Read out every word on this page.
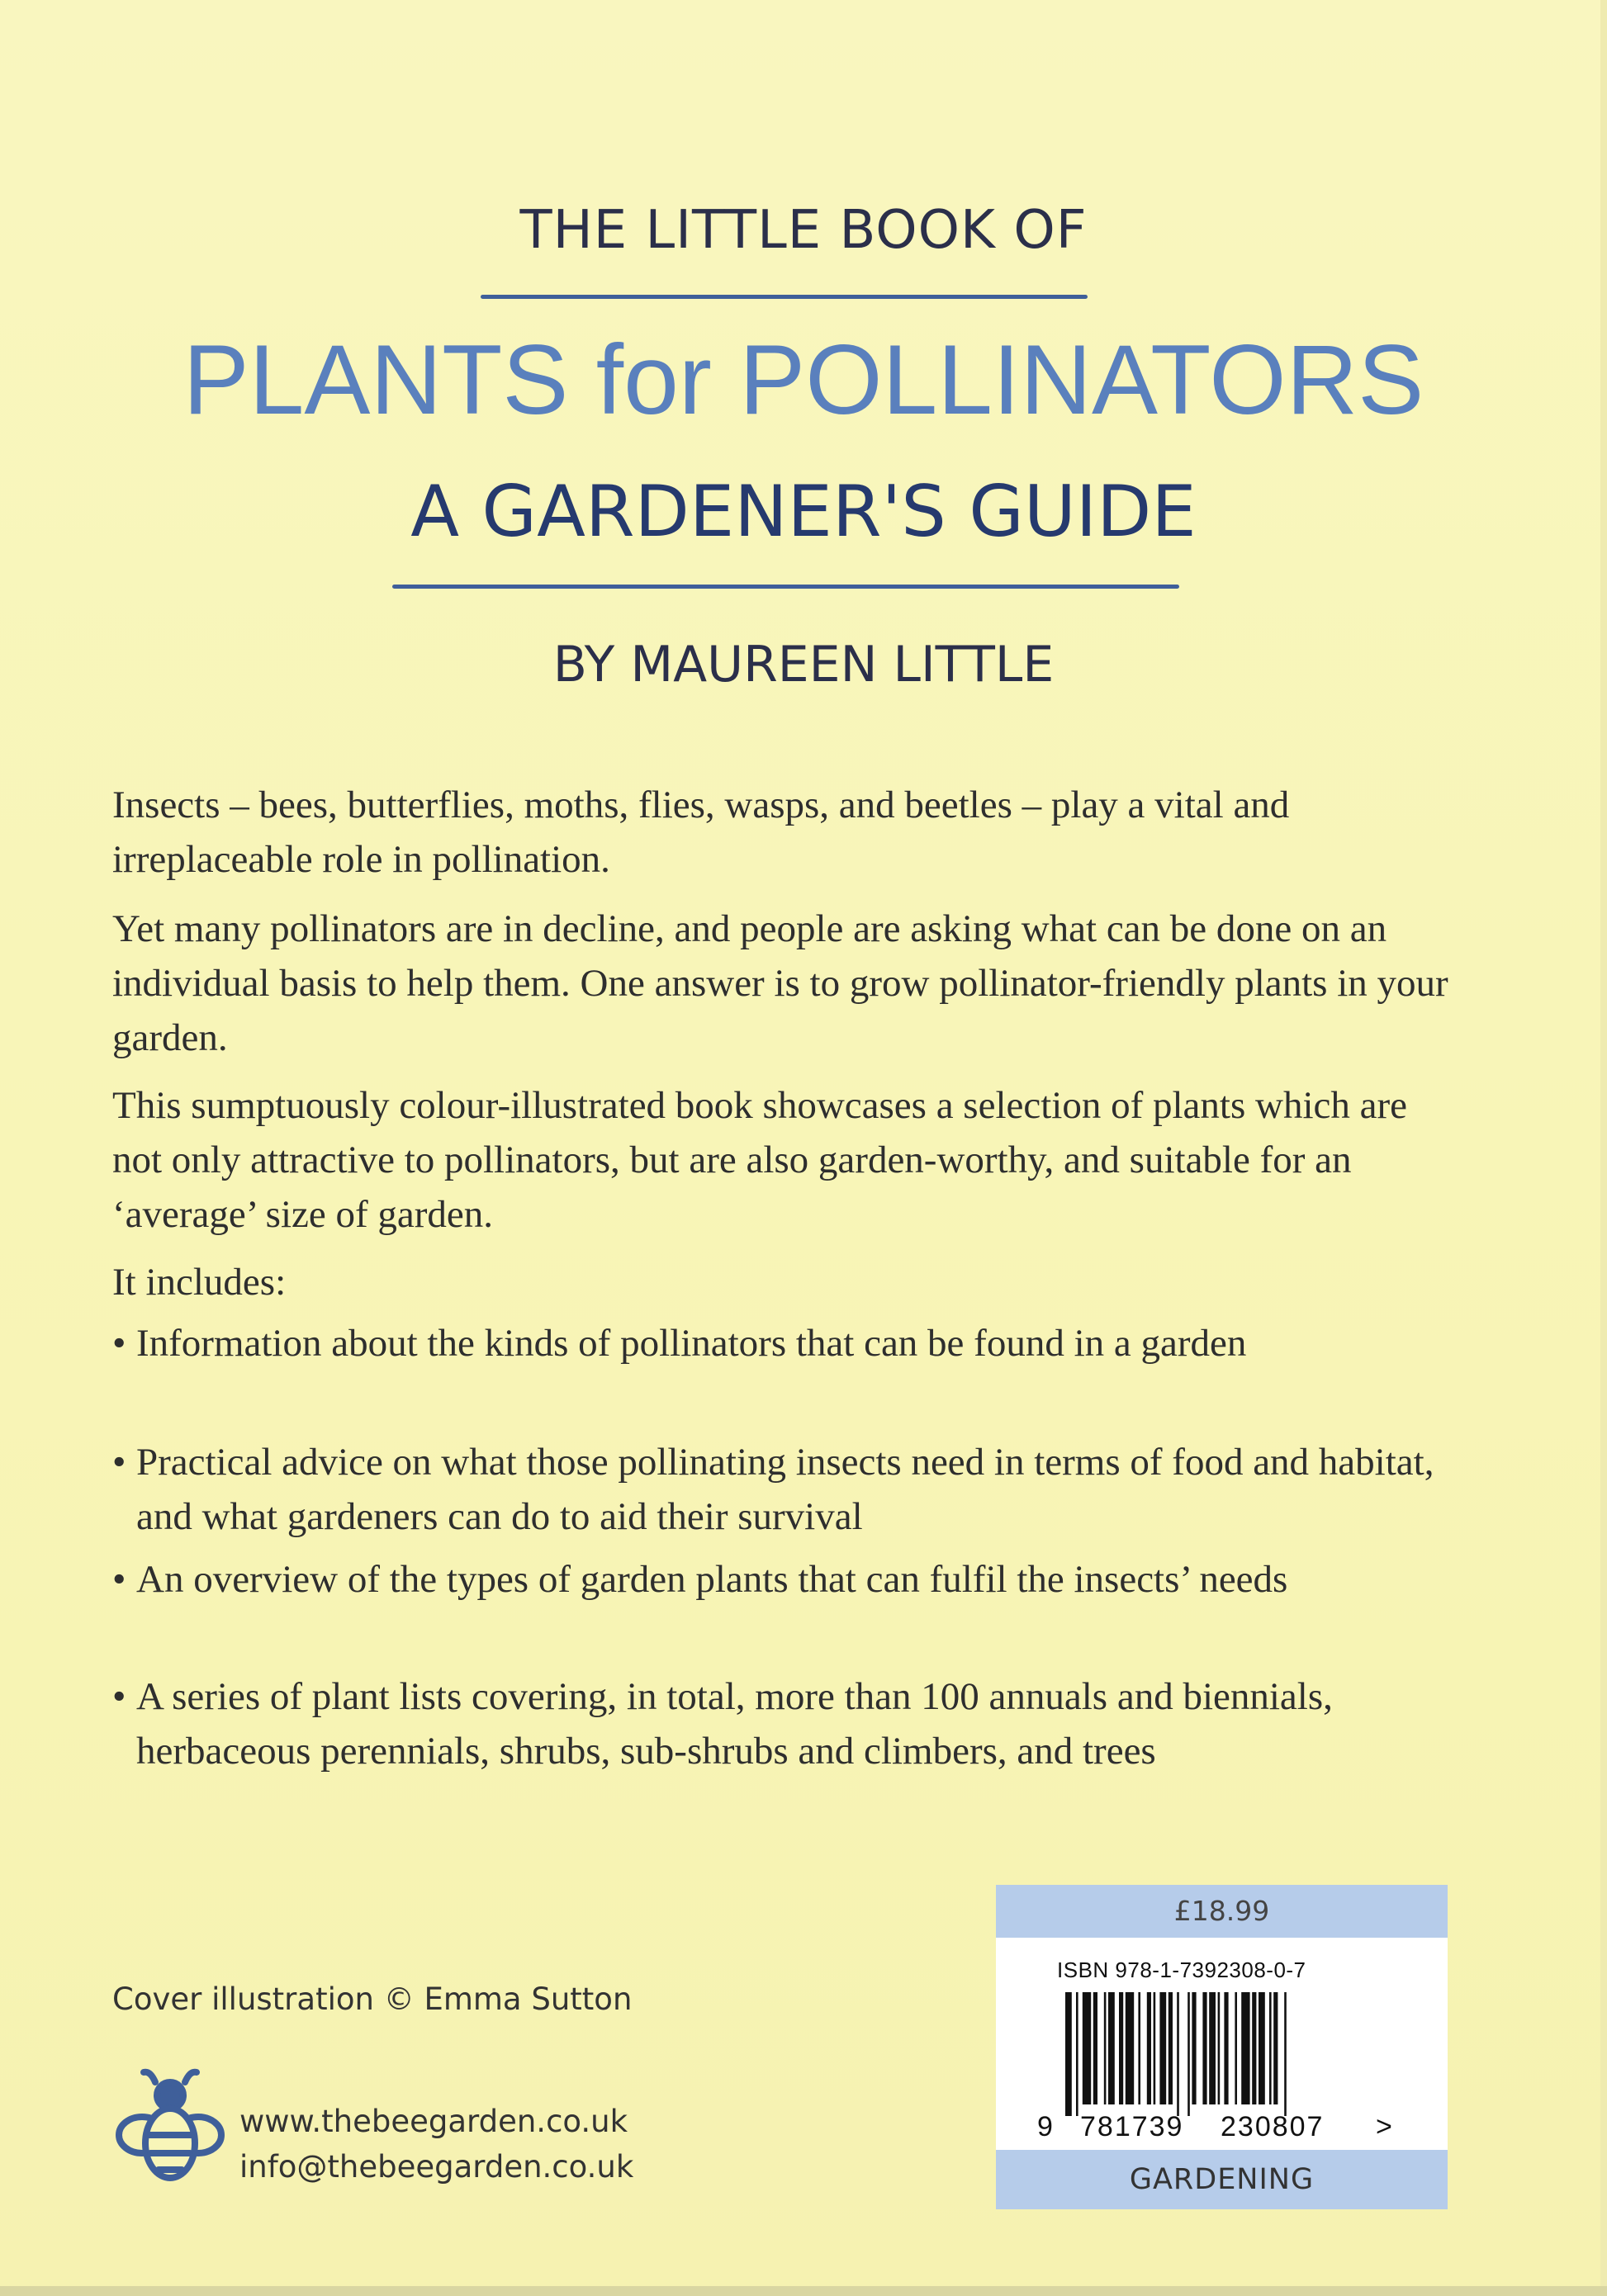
THE LITTLE BOOK OF
PLANTS for POLLINATORS
A GARDENER'S GUIDE
BY MAUREEN LITTLE

Insects – bees, butterflies, moths, flies, wasps, and beetles – play a vital and irreplaceable role in pollination.

Yet many pollinators are in decline, and people are asking what can be done on an individual basis to help them. One answer is to grow pollinator-friendly plants in your garden.

This sumptuously colour-illustrated book showcases a selection of plants which are not only attractive to pollinators, but are also garden-worthy, and suitable for an ‘average’ size of garden.

It includes:

• Information about the kinds of pollinators that can be found in a garden
• Practical advice on what those pollinating insects need in terms of food and habitat, and what gardeners can do to aid their survival
• An overview of the types of garden plants that can fulfil the insects’ needs
• A series of plant lists covering, in total, more than 100 annuals and biennials, herbaceous perennials, shrubs, sub-shrubs and climbers, and trees
Cover illustration © Emma Sutton
www.thebeegarden.co.uk
info@thebeegarden.co.uk
£18.99
ISBN 978-1-7392308-0-7
9 781739 230807 >
GARDENING
